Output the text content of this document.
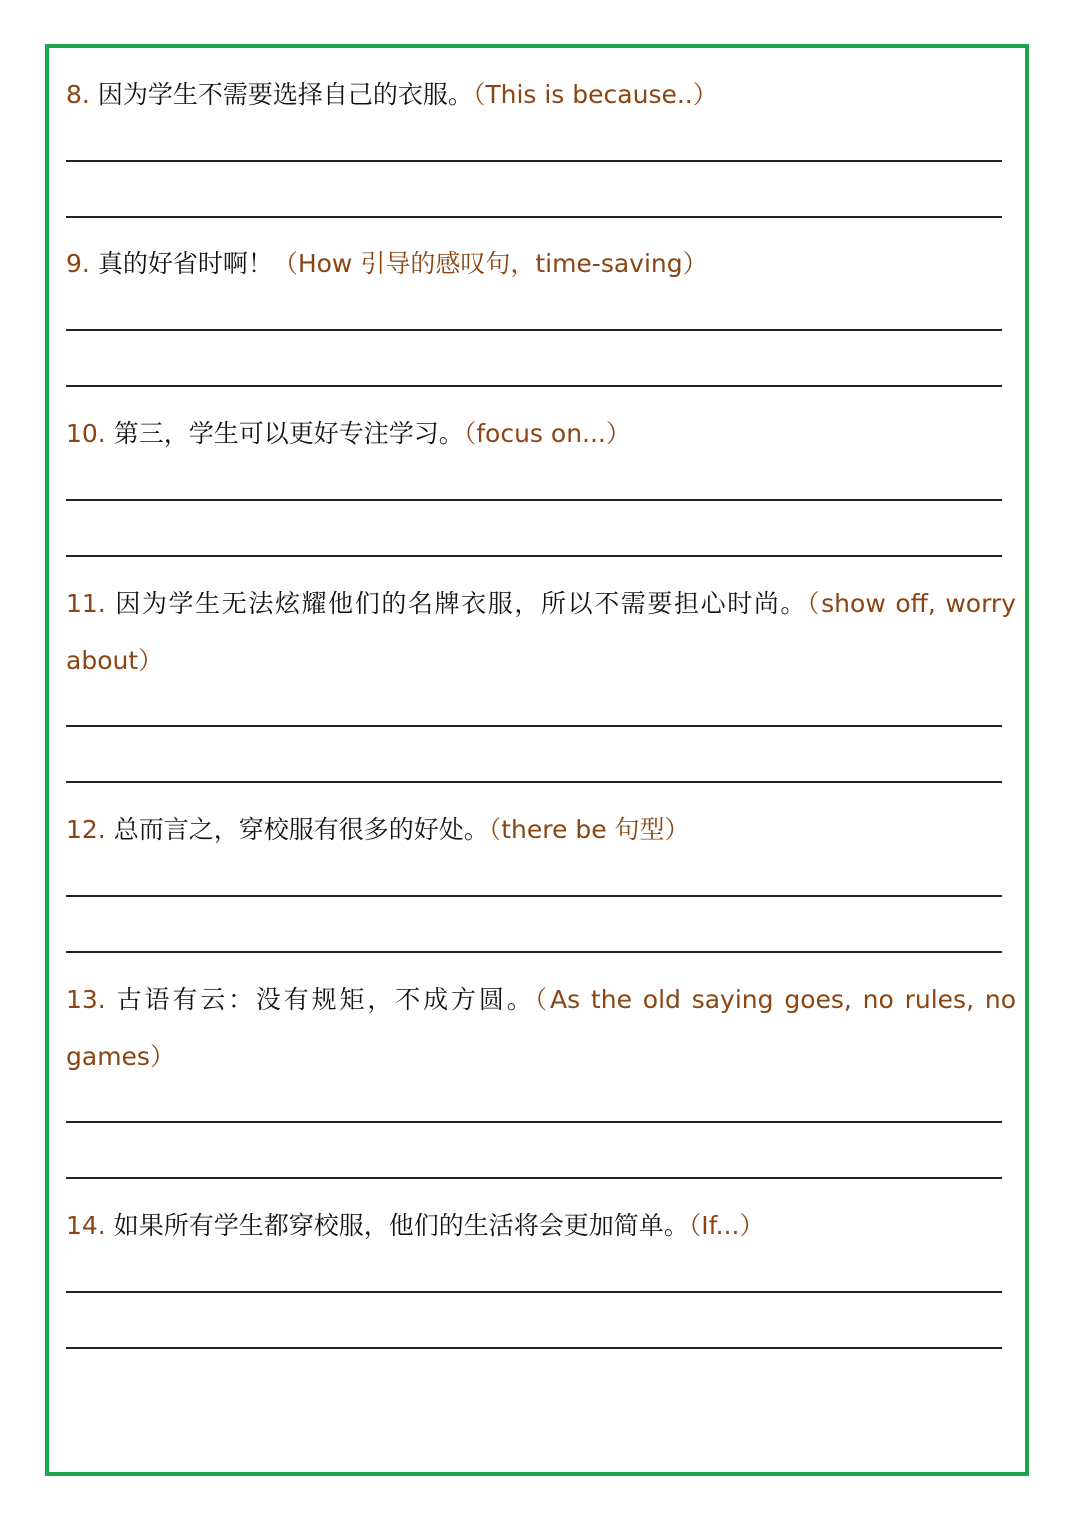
8. 因为学生不需要选择自己的衣服。（This is because..）

9. 真的好省时啊！（How 引导的感叹句，time-saving）

10. 第三，学生可以更好专注学习。（focus on...）

11. 因为学生无法炫耀他们的名牌衣服，所以不需要担心时尚。（show off, worry about）

12. 总而言之，穿校服有很多的好处。（there be 句型）

13. 古语有云：没有规矩，不成方圆。（As the old saying goes, no rules, no games）

14. 如果所有学生都穿校服，他们的生活将会更加简单。（If...）
